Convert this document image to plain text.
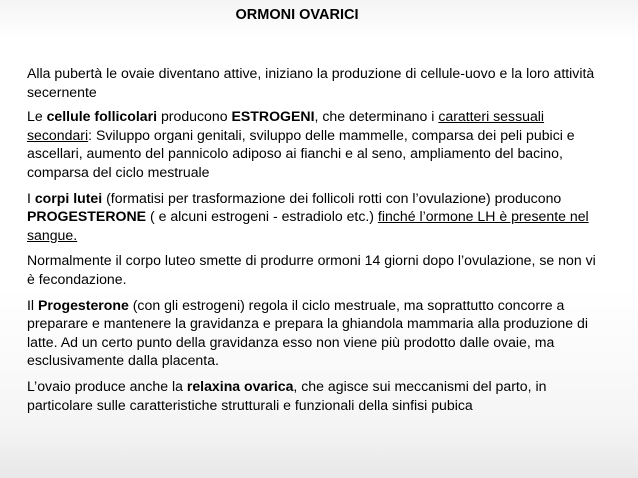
ORMONI OVARICI

Alla pubertà le ovaie diventano attive, iniziano la produzione di cellule-uovo e la loro attività secernente

Le cellule follicolari producono ESTROGENI, che determinano i caratteri sessuali secondari: Sviluppo organi genitali, sviluppo delle mammelle, comparsa dei peli pubici e ascellari, aumento del pannicolo adiposo ai fianchi e al seno, ampliamento del bacino, comparsa del ciclo mestruale

I corpi lutei (formatisi per trasformazione dei follicoli rotti con l’ovulazione) producono PROGESTERONE ( e alcuni estrogeni - estradiolo etc.) finché l’ormone LH è presente nel sangue.

Normalmente il corpo luteo smette di produrre ormoni 14 giorni dopo l’ovulazione, se non vi è fecondazione.

Il Progesterone (con gli estrogeni) regola il ciclo mestruale, ma soprattutto concorre a preparare e mantenere la gravidanza e prepara la ghiandola mammaria alla produzione di latte. Ad un certo punto della gravidanza esso non viene più prodotto dalle ovaie, ma esclusivamente dalla placenta.

L’ovaio produce anche la relaxina ovarica, che agisce sui meccanismi del parto, in particolare sulle caratteristiche strutturali e funzionali della sinfisi pubica
